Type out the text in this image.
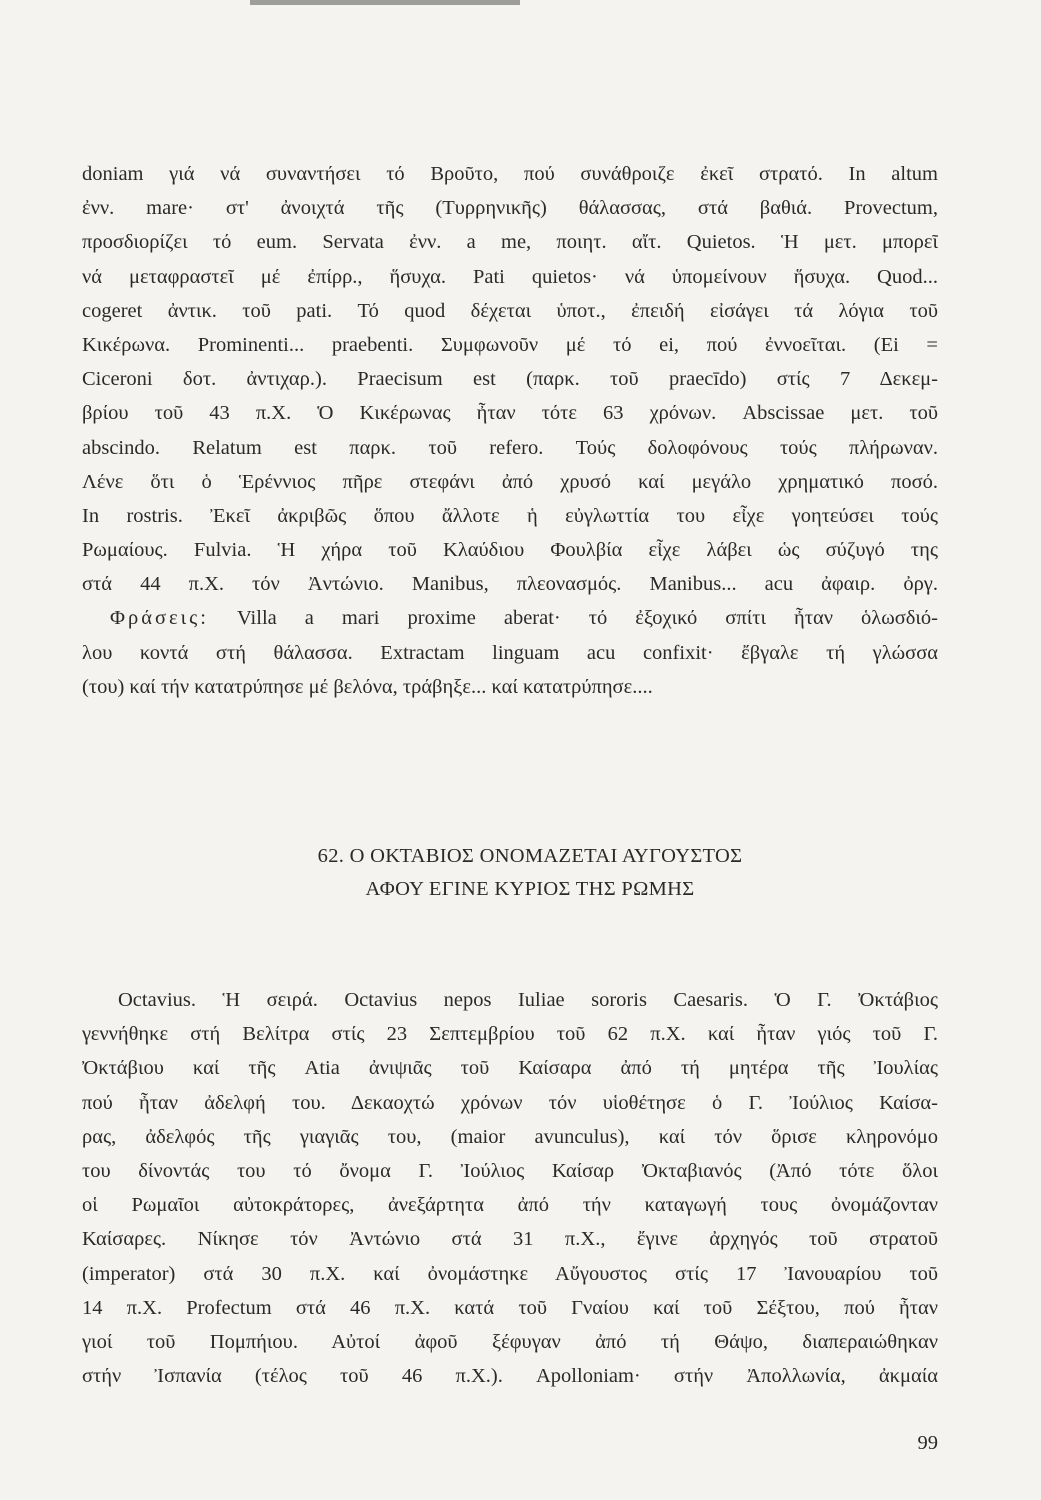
doniam γιά νά συναντήσει τό Βροῦτο, πού συνάθροιζε ἐκεῖ στρατό. In altum
ἐνν. mare· στ' ἀνοιχτά τῆς (Τυρρηνικῆς) θάλασσας, στά βαθιά. Provectum,
προσδιορίζει τό eum. Servata ἐνν. a me, ποιητ. αἴτ. Quietos. Ἡ μετ. μπορεῖ
νά μεταφραστεῖ μέ ἐπίρρ., ἥσυχα. Pati quietos· νά ὑπομείνουν ἥσυχα. Quod...
cogeret ἀντικ. τοῦ pati. Τό quod δέχεται ὑποτ., ἐπειδή εἰσάγει τά λόγια τοῦ
Κικέρωνα. Prominenti... praebenti. Συμφωνοῦν μέ τό ei, πού ἐννοεῖται. (Ei =
Ciceroni δοτ. ἀντιχαρ.). Praecisum est (παρκ. τοῦ praecīdo) στίς 7 Δεκεμ-
βρίου τοῦ 43 π.Χ. Ὁ Κικέρωνας ἦταν τότε 63 χρόνων. Abscissae μετ. τοῦ
abscindo. Relatum est παρκ. τοῦ refero. Τούς δολοφόνους τούς πλήρωναν.
Λένε ὅτι ὁ Ἑρέννιος πῆρε στεφάνι ἀπό χρυσό καί μεγάλο χρηματικό ποσό.
In rostris. Ἐκεῖ ἀκριβῶς ὅπου ἄλλοτε ἡ εὐγλωττία του εἶχε γοητεύσει τούς
Ρωμαίους. Fulvia. Ἡ χήρα τοῦ Κλαύδιου Φουλβία εἶχε λάβει ὡς σύζυγό της
στά 44 π.Χ. τόν Ἀντώνιο. Manibus, πλεονασμός. Manibus... acu ἀφαιρ. ὀργ.
Φράσεις: Villa a mari proxime aberat· τό ἐξοχικό σπίτι ἦταν ὁλωσδιό-
λου κοντά στή θάλασσα. Extractam linguam acu confixit· ἔβγαλε τή γλώσσα
(του) καί τήν κατατρύπησε μέ βελόνα, τράβηξε... καί κατατρύπησε....
62. Ο ΟΚΤΑΒΙΟΣ ΟΝΟΜΑΖΕΤΑΙ ΑΥΓΟΥΣΤΟΣ
ΑΦΟΥ ΕΓΙΝΕ ΚΥΡΙΟΣ ΤΗΣ ΡΩΜΗΣ
Octavius. Ἡ σειρά. Octavius nepos Iuliae sororis Caesaris. Ὁ Γ. Ὀκτάβιος
γεννήθηκε στή Βελίτρα στίς 23 Σεπτεμβρίου τοῦ 62 π.Χ. καί ἦταν γιός τοῦ Γ.
Ὀκτάβιου καί τῆς Atia ἀνιψιᾶς τοῦ Καίσαρα ἀπό τή μητέρα τῆς Ἰουλίας
πού ἦταν ἀδελφή του. Δεκαοχτώ χρόνων τόν υἱοθέτησε ὁ Γ. Ἰούλιος Καίσα-
ρας, ἀδελφός τῆς γιαγιᾶς του, (maior avunculus), καί τόν ὅρισε κληρονόμο
του δίνοντάς του τό ὄνομα Γ. Ἰούλιος Καίσαρ Ὀκταβιανός (Ἀπό τότε ὅλοι
οἱ Ρωμαῖοι αὐτοκράτορες, ἀνεξάρτητα ἀπό τήν καταγωγή τους ὀνομάζονταν
Καίσαρες. Νίκησε τόν Ἀντώνιο στά 31 π.Χ., ἔγινε ἀρχηγός τοῦ στρατοῦ
(imperator) στά 30 π.Χ. καί ὀνομάστηκε Αὔγουστος στίς 17 Ἰανουαρίου τοῦ
14 π.Χ. Profectum στά 46 π.Χ. κατά τοῦ Γναίου καί τοῦ Σέξτου, πού ἦταν
γιοί τοῦ Πομπήιου. Αὐτοί ἀφοῦ ξέφυγαν ἀπό τή Θάψο, διαπεραιώθηκαν
στήν Ἰσπανία (τέλος τοῦ 46 π.Χ.). Apolloniam· στήν Ἀπολλωνία, ἀκμαία
99
